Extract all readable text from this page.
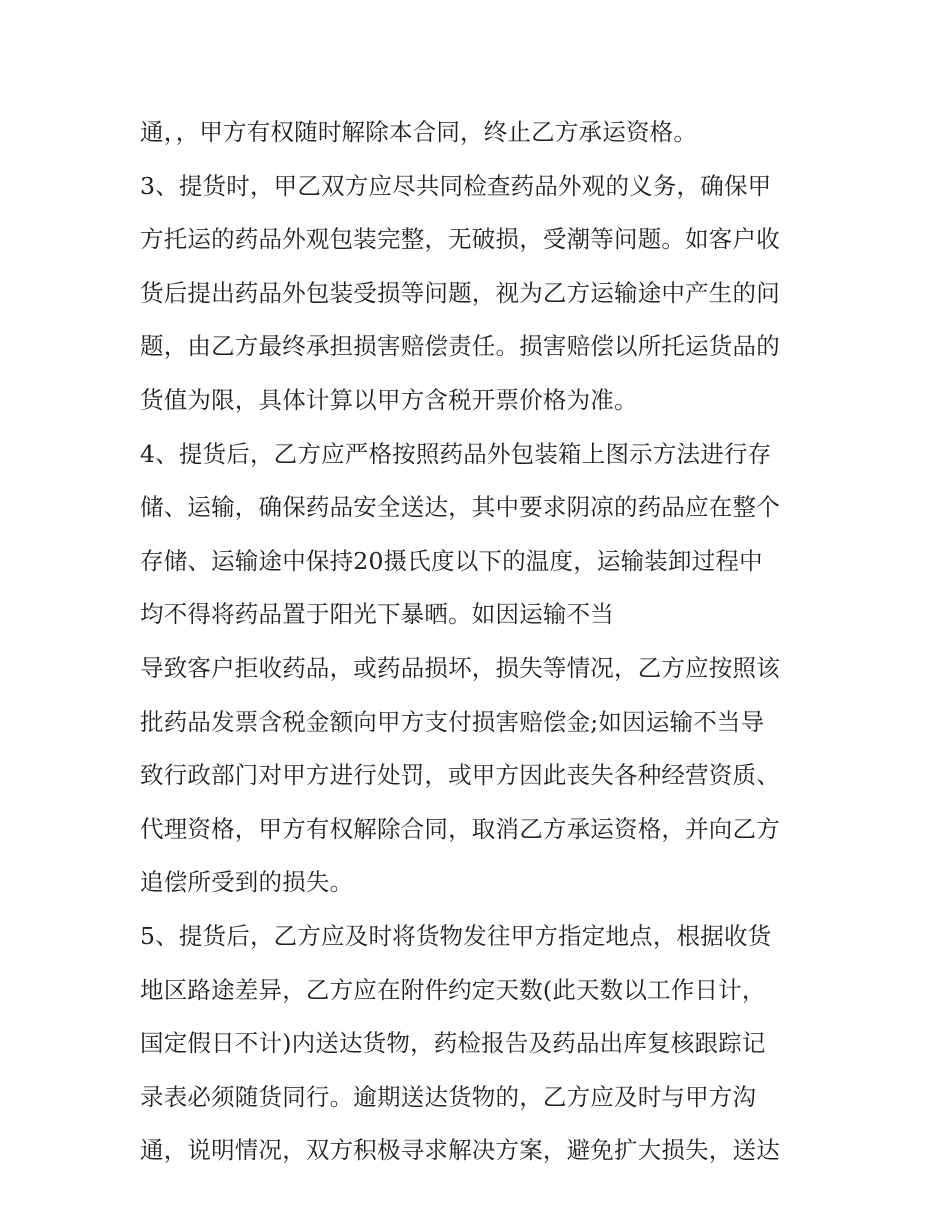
通，，甲方有权随时解除本合同，终止乙方承运资格。
3、提货时，甲乙双方应尽共同检查药品外观的义务，确保甲
方托运的药品外观包装完整，无破损，受潮等问题。如客户收
货后提出药品外包装受损等问题，视为乙方运输途中产生的问
题，由乙方最终承担损害赔偿责任。损害赔偿以所托运货品的
货值为限，具体计算以甲方含税开票价格为准。
4、提货后，乙方应严格按照药品外包装箱上图示方法进行存
储、运输，确保药品安全送达，其中要求阴凉的药品应在整个
存储、运输途中保持20摄氏度以下的温度，运输装卸过程中
均不得将药品置于阳光下暴晒。如因运输不当
导致客户拒收药品，或药品损坏，损失等情况，乙方应按照该
批药品发票含税金额向甲方支付损害赔偿金;如因运输不当导
致行政部门对甲方进行处罚，或甲方因此丧失各种经营资质、
代理资格，甲方有权解除合同，取消乙方承运资格，并向乙方
追偿所受到的损失。
5、提货后，乙方应及时将货物发往甲方指定地点，根据收货
地区路途差异，乙方应在附件约定天数(此天数以工作日计，
国定假日不计)内送达货物，药检报告及药品出库复核跟踪记
录表必须随货同行。逾期送达货物的，乙方应及时与甲方沟
通，说明情况，双方积极寻求解决方案，避免扩大损失，送达
